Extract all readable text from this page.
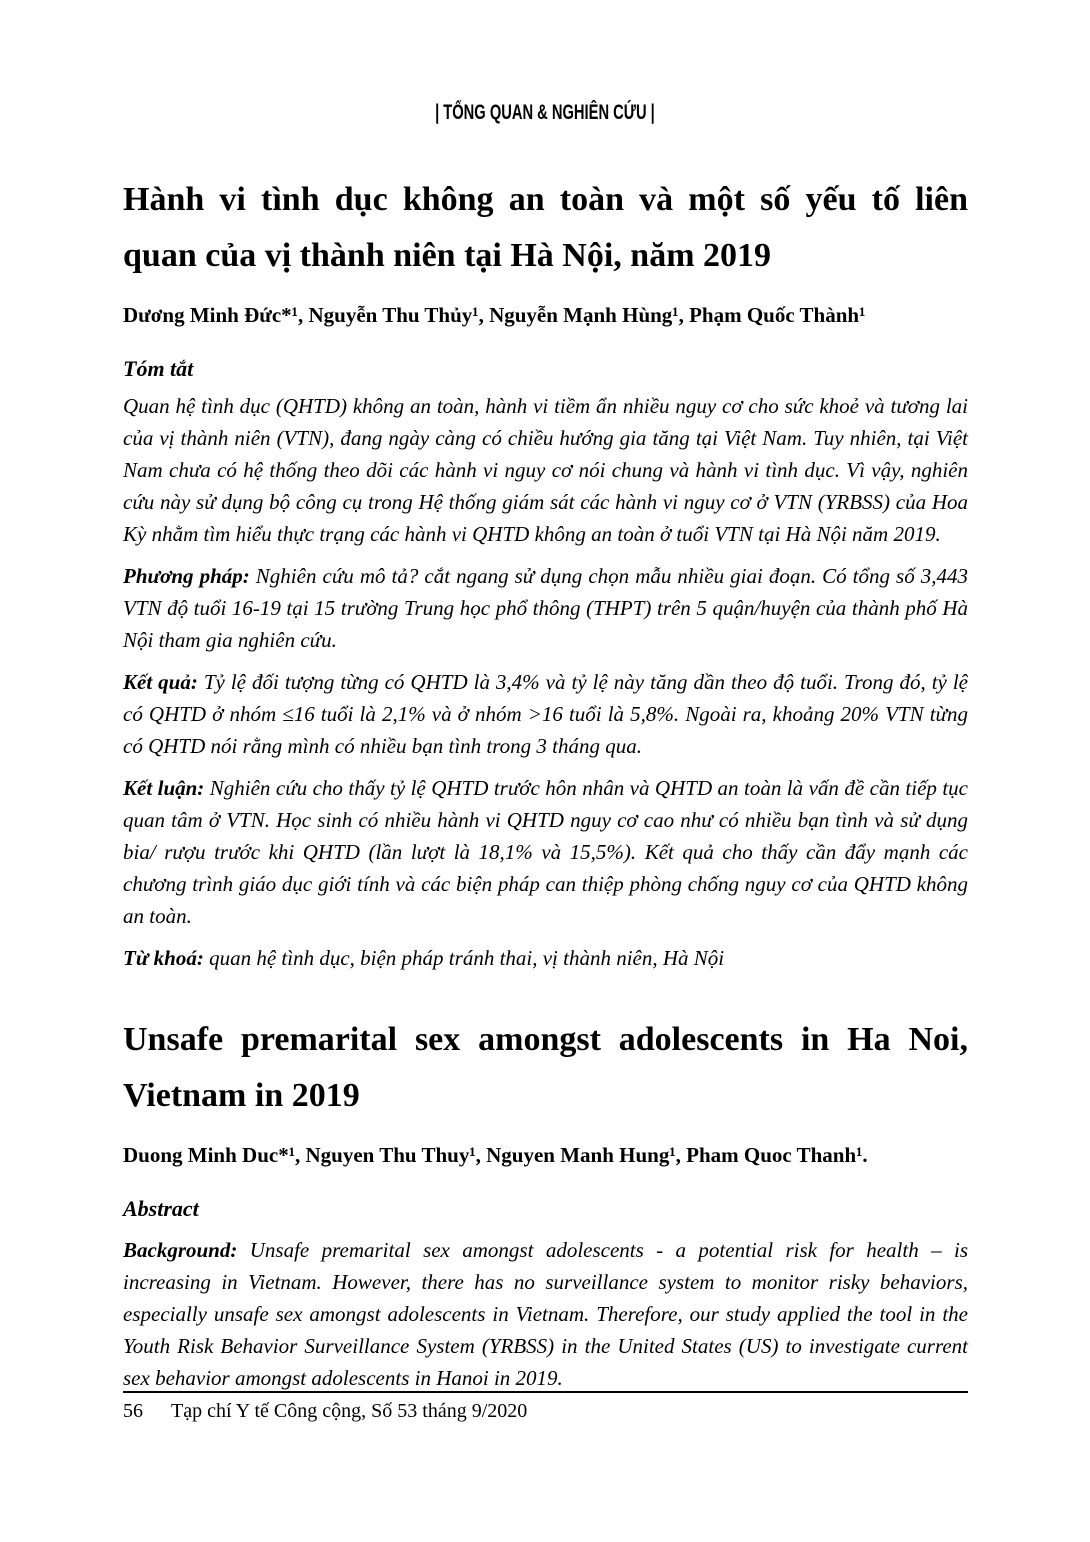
| TỔNG QUAN & NGHIÊN CỨU |
Hành vi tình dục không an toàn và một số yếu tố liên
quan của vị thành niên tại Hà Nội, năm 2019
Dương Minh Đức*¹, Nguyễn Thu Thủy¹, Nguyễn Mạnh Hùng¹, Phạm Quốc Thành¹
Tóm tắt

Quan hệ tình dục (QHTD) không an toàn, hành vi tiềm ẩn nhiều nguy cơ cho sức khoẻ và tương lai của vị thành niên (VTN), đang ngày càng có chiều hướng gia tăng tại Việt Nam. Tuy nhiên, tại Việt Nam chưa có hệ thống theo dõi các hành vi nguy cơ nói chung và hành vi tình dục. Vì vậy, nghiên cứu này sử dụng bộ công cụ trong Hệ thống giám sát các hành vi nguy cơ ở VTN (YRBSS) của Hoa Kỳ nhằm tìm hiểu thực trạng các hành vi QHTD không an toàn ở tuổi VTN tại Hà Nội năm 2019.

Phương pháp: Nghiên cứu mô tả? cắt ngang sử dụng chọn mẫu nhiều giai đoạn. Có tổng số 3,443 VTN độ tuổi 16-19 tại 15 trường Trung học phổ thông (THPT) trên 5 quận/huyện của thành phố Hà Nội tham gia nghiên cứu.

Kết quả: Tỷ lệ đối tượng từng có QHTD là 3,4% và tỷ lệ này tăng dần theo độ tuổi. Trong đó, tỷ lệ có QHTD ở nhóm ≤16 tuổi là 2,1% và ở nhóm >16 tuổi là 5,8%. Ngoài ra, khoảng 20% VTN từng có QHTD nói rằng mình có nhiều bạn tình trong 3 tháng qua.

Kết luận: Nghiên cứu cho thấy tỷ lệ QHTD trước hôn nhân và QHTD an toàn là vấn đề cần tiếp tục quan tâm ở VTN. Học sinh có nhiều hành vi QHTD nguy cơ cao như có nhiều bạn tình và sử dụng bia/ rượu trước khi QHTD (lần lượt là 18,1% và 15,5%). Kết quả cho thấy cần đẩy mạnh các chương trình giáo dục giới tính và các biện pháp can thiệp phòng chống nguy cơ của QHTD không an toàn.

Từ khoá: quan hệ tình dục, biện pháp tránh thai, vị thành niên, Hà Nội

Unsafe premarital sex amongst adolescents in Ha Noi,
Vietnam in 2019
Duong Minh Duc*¹, Nguyen Thu Thuy¹, Nguyen Manh Hung¹, Pham Quoc Thanh¹.
Abstract

Background: Unsafe premarital sex amongst adolescents - a potential risk for health – is increasing in Vietnam. However, there has no surveillance system to monitor risky behaviors, especially unsafe sex amongst adolescents in Vietnam. Therefore, our study applied the tool in the Youth Risk Behavior Surveillance System (YRBSS) in the United States (US) to investigate current sex behavior amongst adolescents in Hanoi in 2019.

56 Tạp chí Y tế Công cộng, Số 53 tháng 9/2020
